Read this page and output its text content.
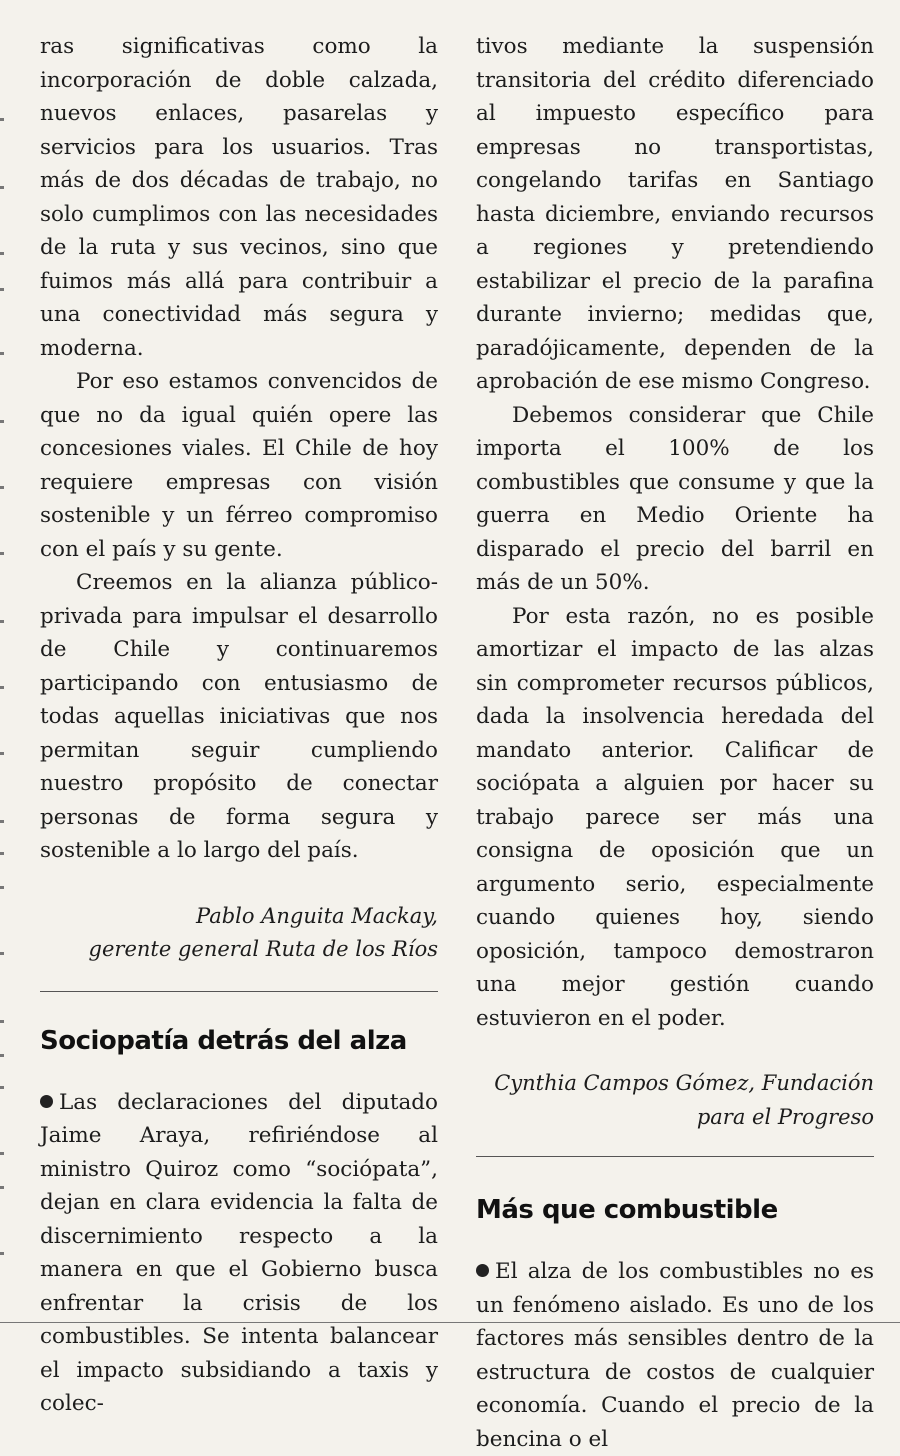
ras significativas como la incorporación de doble calzada, nuevos enlaces, pasarelas y servicios para los usuarios. Tras más de dos décadas de trabajo, no solo cumplimos con las necesidades de la ruta y sus vecinos, sino que fuimos más allá para contribuir a una conectividad más segura y moderna.

Por eso estamos convencidos de que no da igual quién opere las concesiones viales. El Chile de hoy requiere empresas con visión sostenible y un férreo compromiso con el país y su gente.

Creemos en la alianza público-privada para impulsar el desarrollo de Chile y continuaremos participando con entusiasmo de todas aquellas iniciativas que nos permitan seguir cumpliendo nuestro propósito de conectar personas de forma segura y sostenible a lo largo del país.

Pablo Anguita Mackay,

gerente general Ruta de los Ríos

Sociopatía detrás del alza

Las declaraciones del diputado Jaime Araya, refiriéndose al ministro Quiroz como “sociópata”, dejan en clara evidencia la falta de discernimiento respecto a la manera en que el Gobierno busca enfrentar la crisis de los combustibles. Se intenta balancear el impacto subsidiando a taxis y colec-

tivos mediante la suspensión transitoria del crédito diferenciado al impuesto específico para empresas no transportistas, congelando tarifas en Santiago hasta diciembre, enviando recursos a regiones y pretendiendo estabilizar el precio de la parafina durante invierno; medidas que, paradójicamente, dependen de la aprobación de ese mismo Congreso.

Debemos considerar que Chile importa el 100% de los combustibles que consume y que la guerra en Medio Oriente ha disparado el precio del barril en más de un 50%.

Por esta razón, no es posible amortizar el impacto de las alzas sin comprometer recursos públicos, dada la insolvencia heredada del mandato anterior. Calificar de sociópata a alguien por hacer su trabajo parece ser más una consigna de oposición que un argumento serio, especialmente cuando quienes hoy, siendo oposición, tampoco demostraron una mejor gestión cuando estuvieron en el poder.

Cynthia Campos Gómez, Fundación

para el Progreso

Más que combustible

El alza de los combustibles no es un fenómeno aislado. Es uno de los factores más sensibles dentro de la estructura de costos de cualquier economía. Cuando el precio de la bencina o el
